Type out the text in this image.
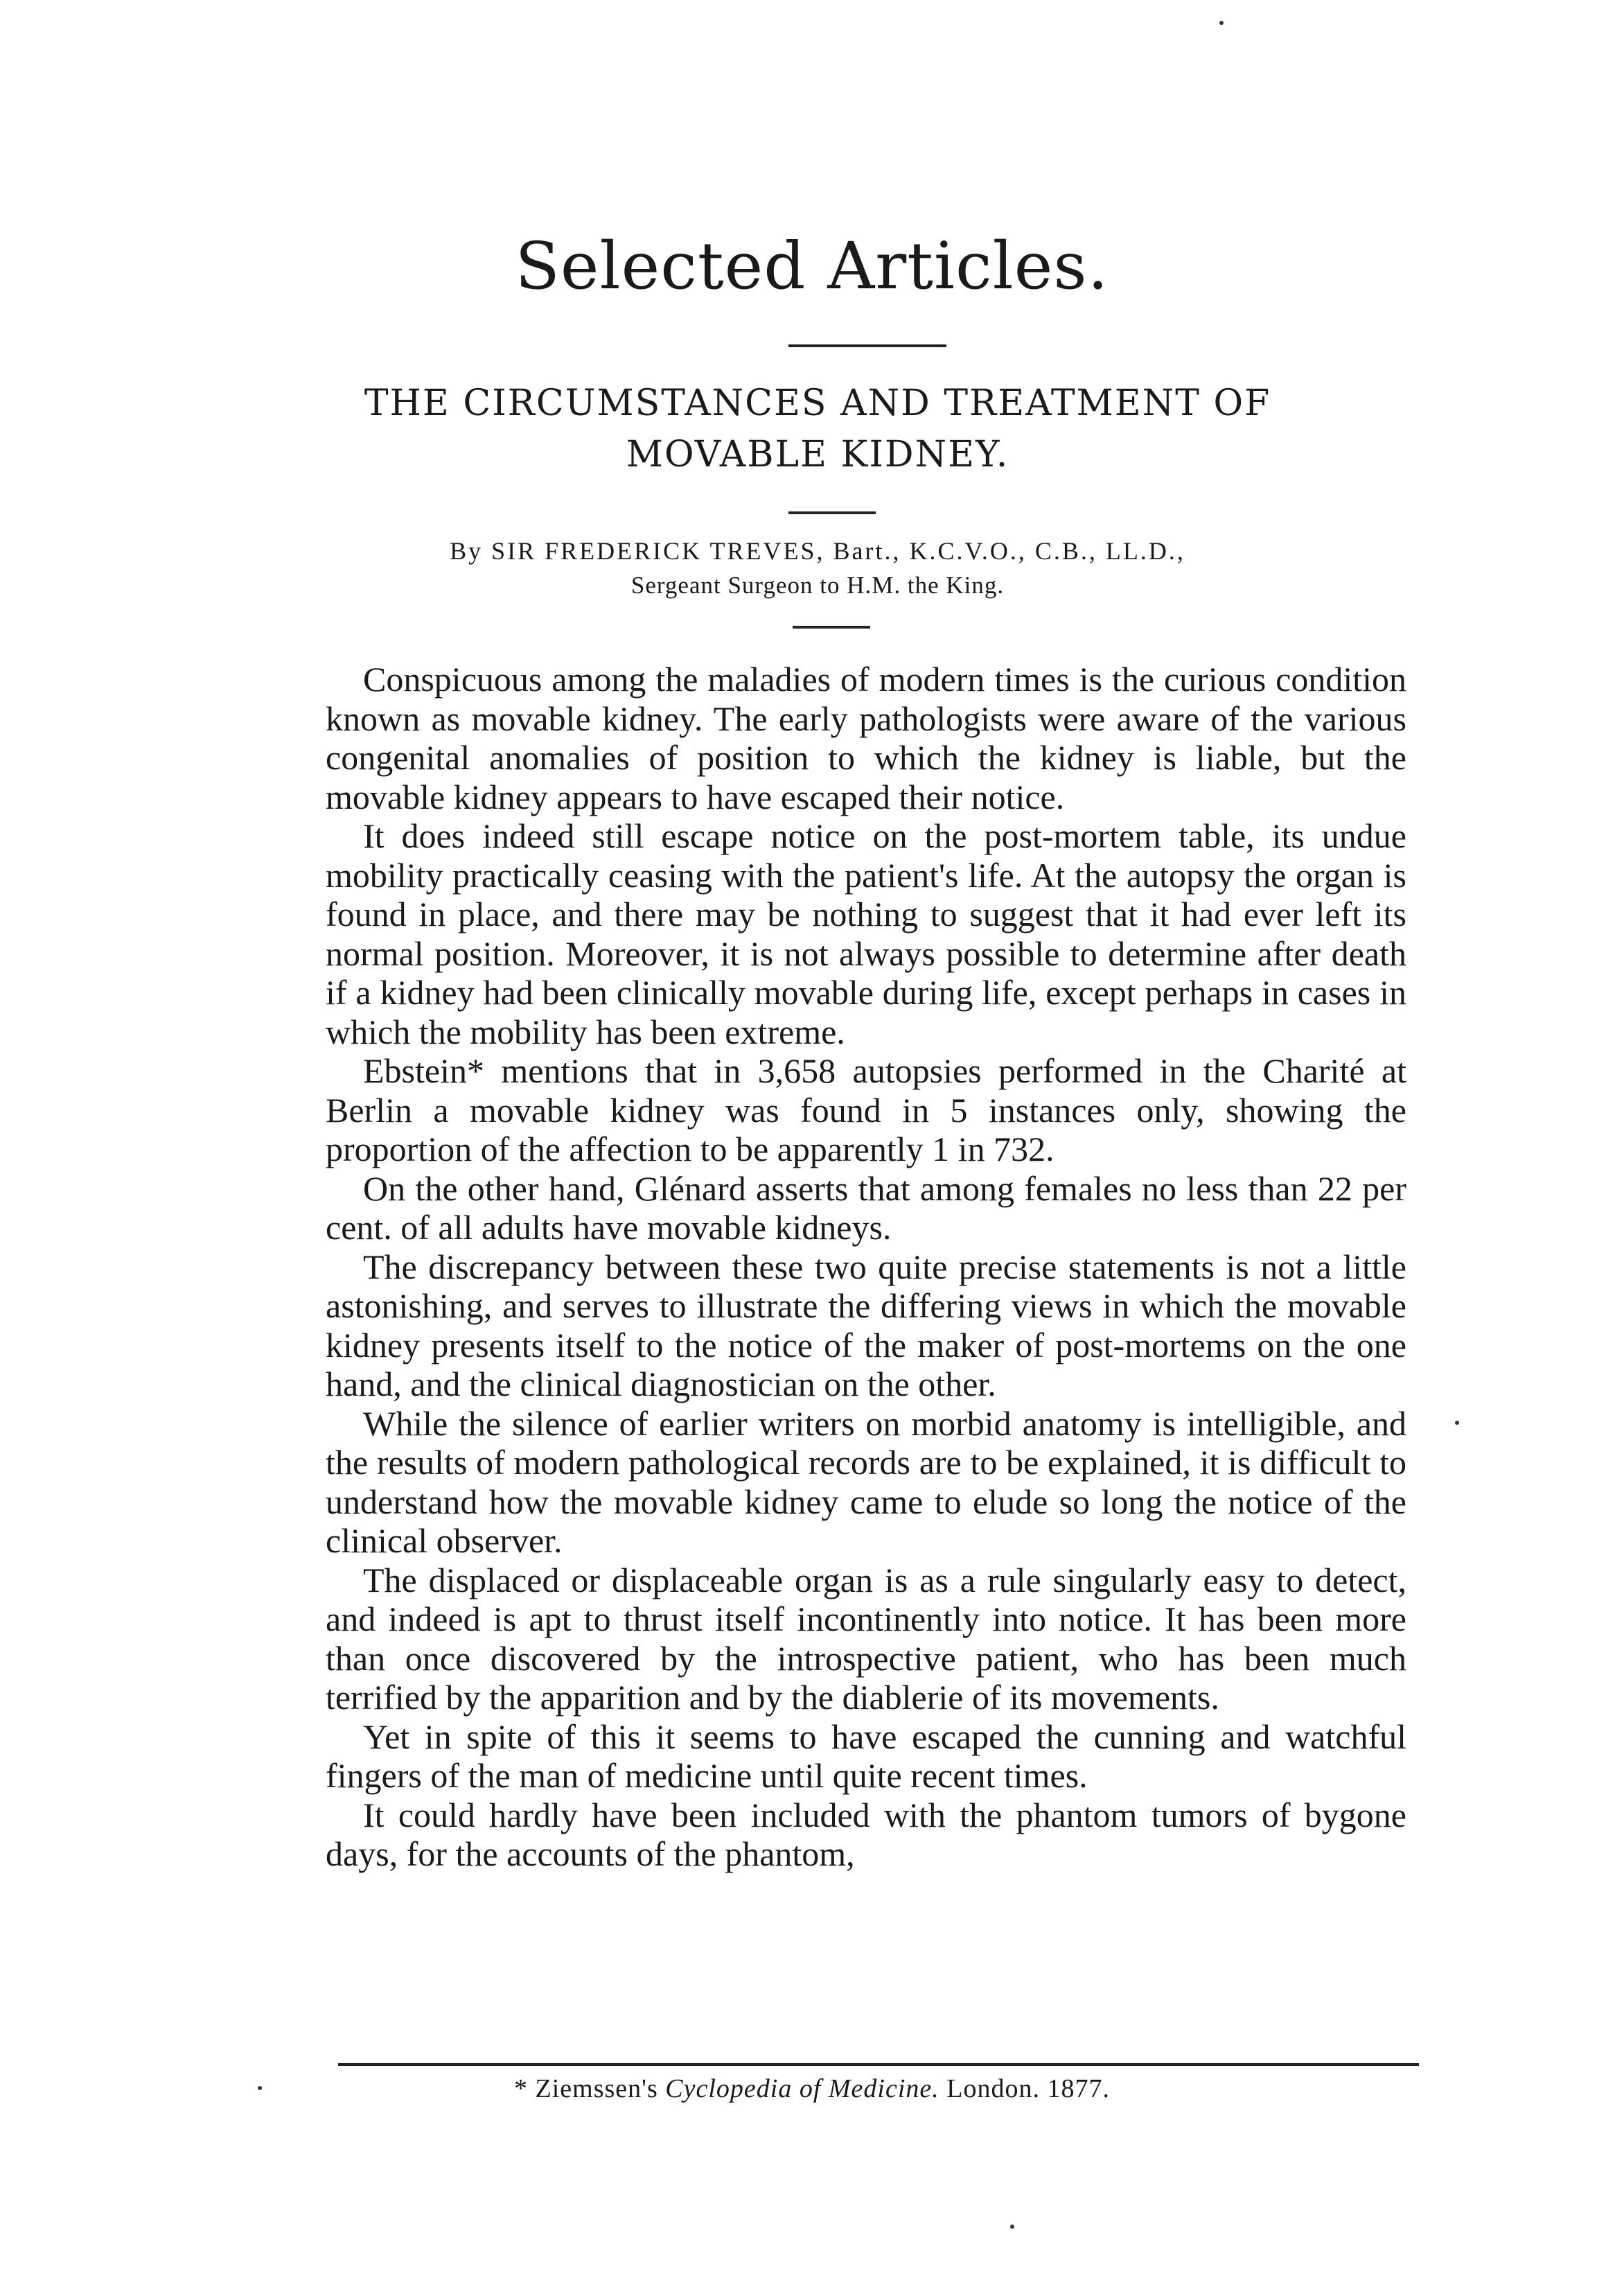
Selected Articles.
THE CIRCUMSTANCES AND TREATMENT OF
MOVABLE KIDNEY.
By SIR FREDERICK TREVES, Bart., K.C.V.O., C.B., LL.D.,
Sergeant Surgeon to H.M. the King.

Conspicuous among the maladies of modern times is the curious condition known as movable kidney. The early pathologists were aware of the various congenital anomalies of position to which the kidney is liable, but the movable kidney appears to have escaped their notice.

It does indeed still escape notice on the post-mortem table, its undue mobility practically ceasing with the patient's life. At the autopsy the organ is found in place, and there may be nothing to suggest that it had ever left its normal position. Moreover, it is not always possible to determine after death if a kidney had been clinically movable during life, except perhaps in cases in which the mobility has been extreme.

Ebstein* mentions that in 3,658 autopsies performed in the Charité at Berlin a movable kidney was found in 5 instances only, showing the proportion of the affection to be apparently 1 in 732.

On the other hand, Glénard asserts that among females no less than 22 per cent. of all adults have movable kidneys.

The discrepancy between these two quite precise statements is not a little astonishing, and serves to illustrate the differing views in which the movable kidney presents itself to the notice of the maker of post-mortems on the one hand, and the clinical diagnostician on the other.

While the silence of earlier writers on morbid anatomy is intelligible, and the results of modern pathological records are to be explained, it is difficult to understand how the movable kidney came to elude so long the notice of the clinical observer.

The displaced or displaceable organ is as a rule singularly easy to detect, and indeed is apt to thrust itself incontinently into notice. It has been more than once discovered by the introspective patient, who has been much terrified by the apparition and by the diablerie of its movements.

Yet in spite of this it seems to have escaped the cunning and watchful fingers of the man of medicine until quite recent times.

It could hardly have been included with the phantom tumors of bygone days, for the accounts of the phantom,

* Ziemssen's Cyclopedia of Medicine. London. 1877.
